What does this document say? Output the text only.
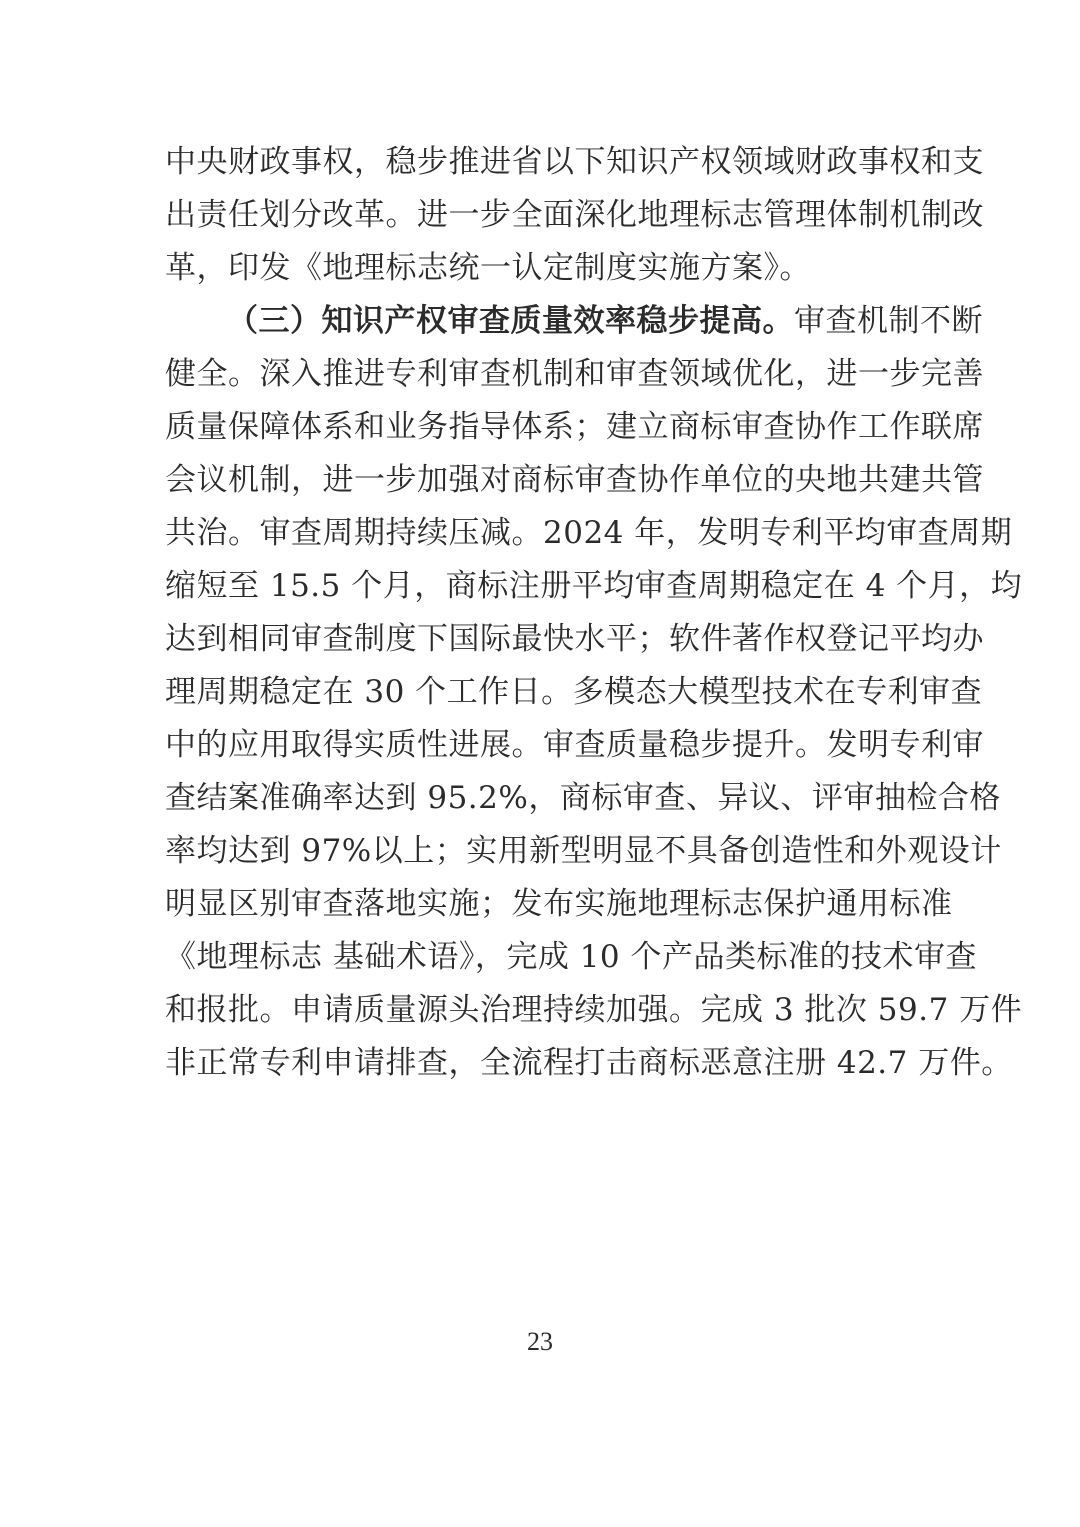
中央财政事权，稳步推进省以下知识产权领域财政事权和支
出责任划分改革。进一步全面深化地理标志管理体制机制改
革，印发《地理标志统一认定制度实施方案》。
（三）知识产权审查质量效率稳步提高。审查机制不断
健全。深入推进专利审查机制和审查领域优化，进一步完善
质量保障体系和业务指导体系；建立商标审查协作工作联席
会议机制，进一步加强对商标审查协作单位的央地共建共管
共治。审查周期持续压减。2024 年，发明专利平均审查周期
缩短至 15.5 个月，商标注册平均审查周期稳定在 4 个月，均
达到相同审查制度下国际最快水平；软件著作权登记平均办
理周期稳定在 30 个工作日。多模态大模型技术在专利审查
中的应用取得实质性进展。审查质量稳步提升。发明专利审
查结案准确率达到 95.2%，商标审查、异议、评审抽检合格
率均达到 97%以上；实用新型明显不具备创造性和外观设计
明显区别审查落地实施；发布实施地理标志保护通用标准
《地理标志 基础术语》，完成 10 个产品类标准的技术审查
和报批。申请质量源头治理持续加强。完成 3 批次 59.7 万件
非正常专利申请排查，全流程打击商标恶意注册 42.7 万件。
23
